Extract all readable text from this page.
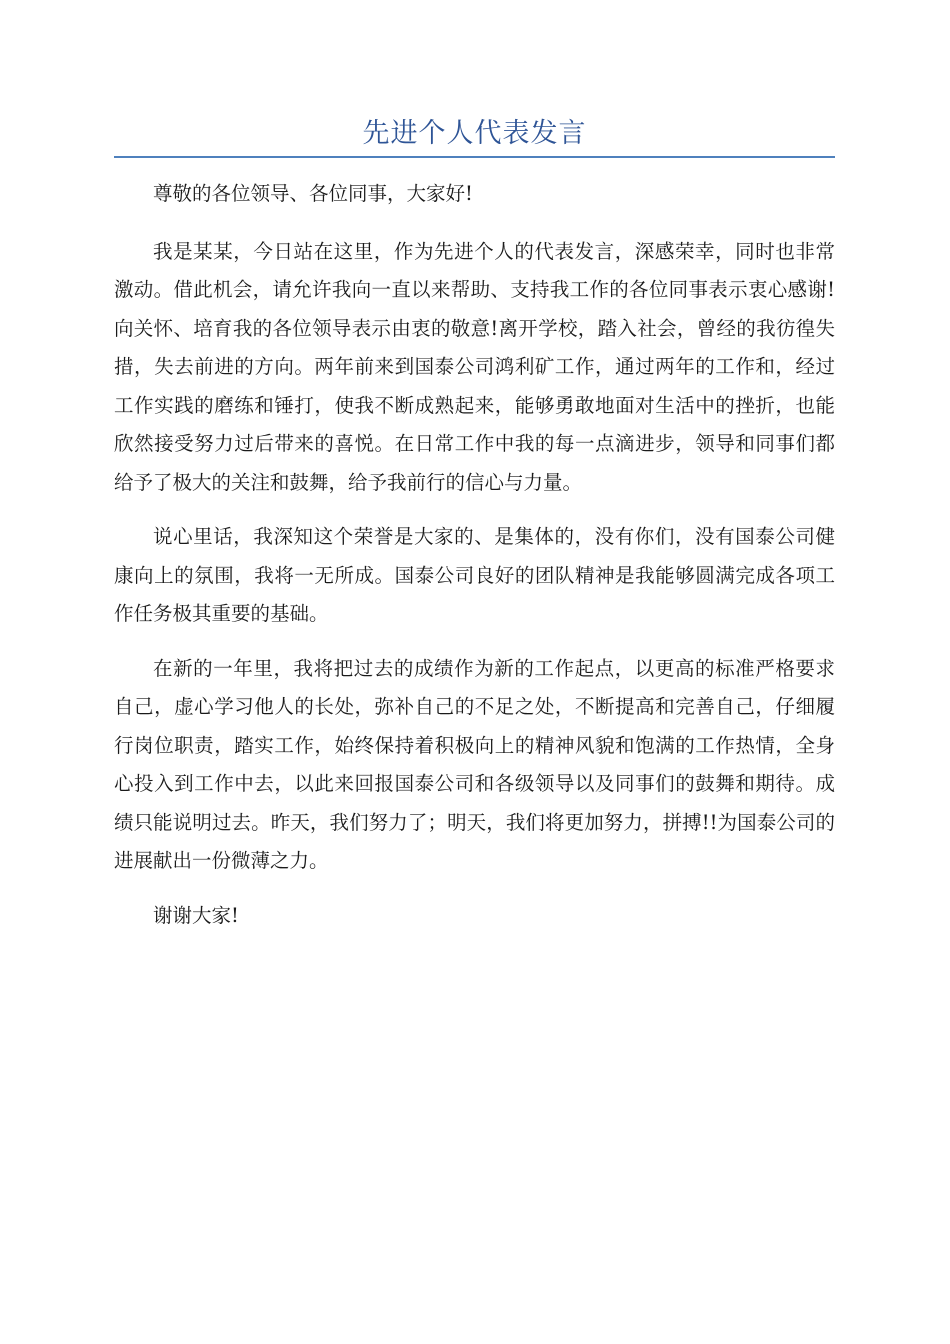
先进个人代表发言

尊敬的各位领导、各位同事，大家好!

我是某某，今日站在这里，作为先进个人的代表发言，深感荣幸，同时也非常激动。借此机会，请允许我向一直以来帮助、支持我工作的各位同事表示衷心感谢!向关怀、培育我的各位领导表示由衷的敬意!离开学校，踏入社会，曾经的我彷徨失措，失去前进的方向。两年前来到国泰公司鸿利矿工作，通过两年的工作和，经过工作实践的磨练和锤打，使我不断成熟起来，能够勇敢地面对生活中的挫折，也能欣然接受努力过后带来的喜悦。在日常工作中我的每一点滴进步，领导和同事们都给予了极大的关注和鼓舞，给予我前行的信心与力量。

说心里话，我深知这个荣誉是大家的、是集体的，没有你们，没有国泰公司健康向上的氛围，我将一无所成。国泰公司良好的团队精神是我能够圆满完成各项工作任务极其重要的基础。

在新的一年里，我将把过去的成绩作为新的工作起点，以更高的标准严格要求自己，虚心学习他人的长处，弥补自己的不足之处，不断提高和完善自己，仔细履行岗位职责，踏实工作，始终保持着积极向上的精神风貌和饱满的工作热情，全身心投入到工作中去，以此来回报国泰公司和各级领导以及同事们的鼓舞和期待。成绩只能说明过去。昨天，我们努力了；明天，我们将更加努力，拼搏!!为国泰公司的进展献出一份微薄之力。

谢谢大家!
